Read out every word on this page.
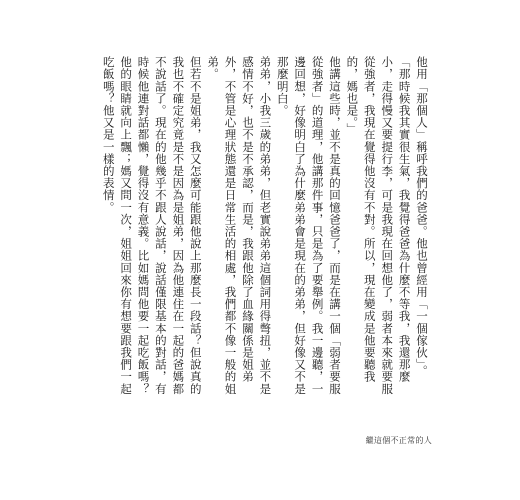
他用「那個人」稱呼我們的爸爸。他也曾經用「一個傢伙」。

「那時候我其實很生氣，我覺得爸爸為什麼不等我，我還那麼小，走得慢又要提行李，可是我現在回想他了，弱者本來就要服從強者，我現在覺得他沒有不對。所以，現在變成是他要聽我的，媽也是。」

他講這些時，並不是真的回憶爸爸了，而是在講一個「弱者要服從強者」的道理，他講那件事，只是為了要舉例。我一邊聽，一邊回想，好像明白了為什麼弟弟會是現在的弟弟，但好像又不是那麼明白。

弟弟，小我三歲的弟弟，但老實說弟弟這個詞用得彆扭，並不是感情不好，也不是不承認，而是，我跟他除了血緣關係是姐弟外，不管是心理狀態還是日常生活的相處，我們都不像一般的姐弟。

但若不是姐弟，我又怎麼可能跟他說上那麼長一段話？但說真的我也不確定究竟是不是因為是姐弟，因為他連住在一起的爸媽都不說話了。現在的他幾乎不跟人說話，說話僅限基本的對話，有時候他連對話都懶，覺得沒有意義。比如媽問他要一起吃飯嗎？他的眼睛就向上飄；媽又問一次，姐姐回來你有想要跟我們一起吃飯嗎？他又是一樣的表情。

繼這個不正常的人
